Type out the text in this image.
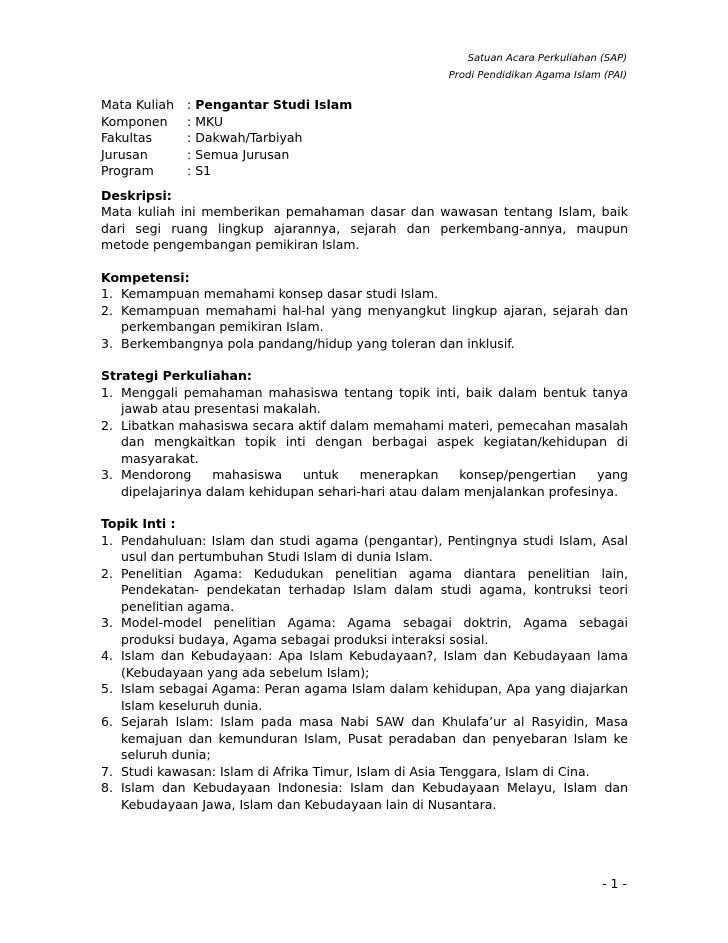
Satuan Acara Perkuliahan (SAP)
Prodi Pendidikan Agama Islam (PAI)
Mata Kuliah	: Pengantar Studi Islam
Komponen	: MKU
Fakultas	: Dakwah/Tarbiyah
Jurusan	: Semua Jurusan
Program	: S1

Deskripsi:

Mata kuliah ini memberikan pemahaman dasar dan wawasan tentang Islam, baik dari segi ruang lingkup ajarannya, sejarah dan perkembang-annya, maupun metode pengembangan pemikiran Islam.

Kompetensi:

1. Kemampuan memahami konsep dasar studi Islam.
2. Kemampuan memahami hal-hal yang menyangkut lingkup ajaran, sejarah dan perkembangan pemikiran Islam.
3. Berkembangnya pola pandang/hidup yang toleran dan inklusif.

Strategi Perkuliahan:

1. Menggali pemahaman mahasiswa tentang topik inti, baik dalam bentuk tanya jawab atau presentasi makalah.
2. Libatkan mahasiswa secara aktif dalam memahami materi, pemecahan masalah dan mengkaitkan topik inti dengan berbagai aspek kegiatan/kehidupan di masyarakat.
3. Mendorong mahasiswa untuk menerapkan konsep/pengertian yang dipelajarinya dalam kehidupan sehari-hari atau dalam menjalankan profesinya.

Topik Inti :

1. Pendahuluan: Islam dan studi agama (pengantar), Pentingnya studi Islam, Asal usul dan pertumbuhan Studi Islam di dunia Islam.
2. Penelitian Agama: Kedudukan penelitian agama diantara penelitian lain, Pendekatan- pendekatan terhadap Islam dalam studi agama, kontruksi teori penelitian agama.
3. Model-model penelitian Agama: Agama sebagai doktrin, Agama sebagai produksi budaya, Agama sebagai produksi interaksi sosial.
4. Islam dan Kebudayaan: Apa Islam Kebudayaan?, Islam dan Kebudayaan lama (Kebudayaan yang ada sebelum Islam);
5. Islam sebagai Agama: Peran agama Islam dalam kehidupan, Apa yang diajarkan Islam keseluruh dunia.
6. Sejarah Islam: Islam pada masa Nabi SAW dan Khulafa’ur al Rasyidin, Masa kemajuan dan kemunduran Islam, Pusat peradaban dan penyebaran Islam ke seluruh dunia;
7. Studi kawasan: Islam di Afrika Timur, Islam di Asia Tenggara, Islam di Cina.
8. Islam dan Kebudayaan Indonesia: Islam dan Kebudayaan Melayu, Islam dan Kebudayaan Jawa, Islam dan Kebudayaan lain di Nusantara.
- 1 -
